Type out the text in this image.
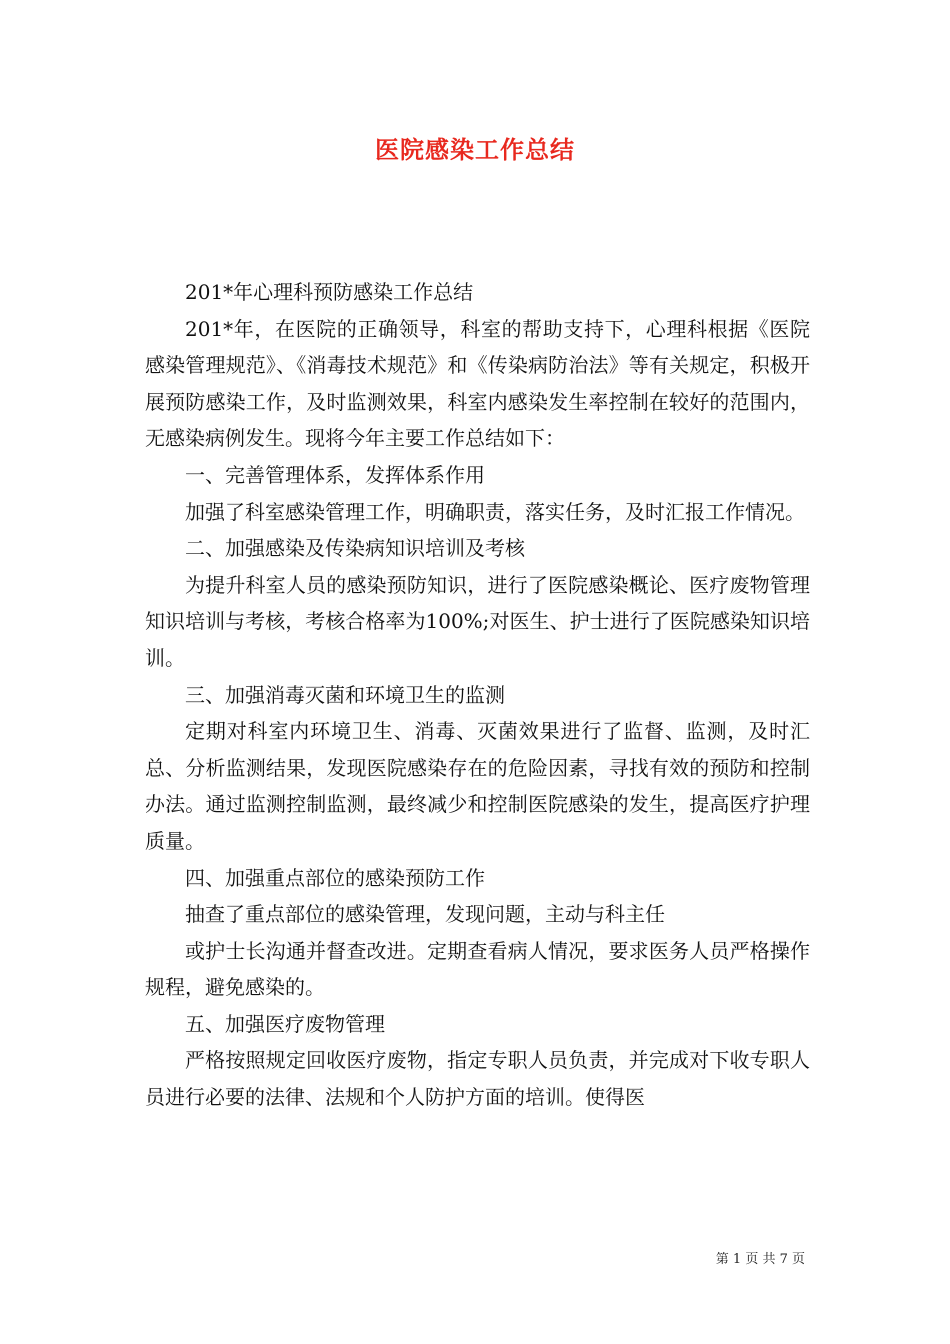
医院感染工作总结

201*年心理科预防感染工作总结

201*年，在医院的正确领导，科室的帮助支持下，心理科根据《医院感染管理规范》、《消毒技术规范》和《传染病防治法》等有关规定，积极开展预防感染工作，及时监测效果，科室内感染发生率控制在较好的范围内，无感染病例发生。现将今年主要工作总结如下：

一、完善管理体系，发挥体系作用

加强了科室感染管理工作，明确职责，落实任务，及时汇报工作情况。

二、加强感染及传染病知识培训及考核

为提升科室人员的感染预防知识，进行了医院感染概论、医疗废物管理知识培训与考核，考核合格率为100%;对医生、护士进行了医院感染知识培训。

三、加强消毒灭菌和环境卫生的监测

定期对科室内环境卫生、消毒、灭菌效果进行了监督、监测，及时汇总、分析监测结果，发现医院感染存在的危险因素，寻找有效的预防和控制办法。通过监测控制监测，最终减少和控制医院感染的发生，提高医疗护理质量。

四、加强重点部位的感染预防工作

抽查了重点部位的感染管理，发现问题，主动与科主任

或护士长沟通并督查改进。定期查看病人情况，要求医务人员严格操作规程，避免感染的。

五、加强医疗废物管理

严格按照规定回收医疗废物，指定专职人员负责，并完成对下收专职人员进行必要的法律、法规和个人防护方面的培训。使得医

第 1 页 共 7 页
